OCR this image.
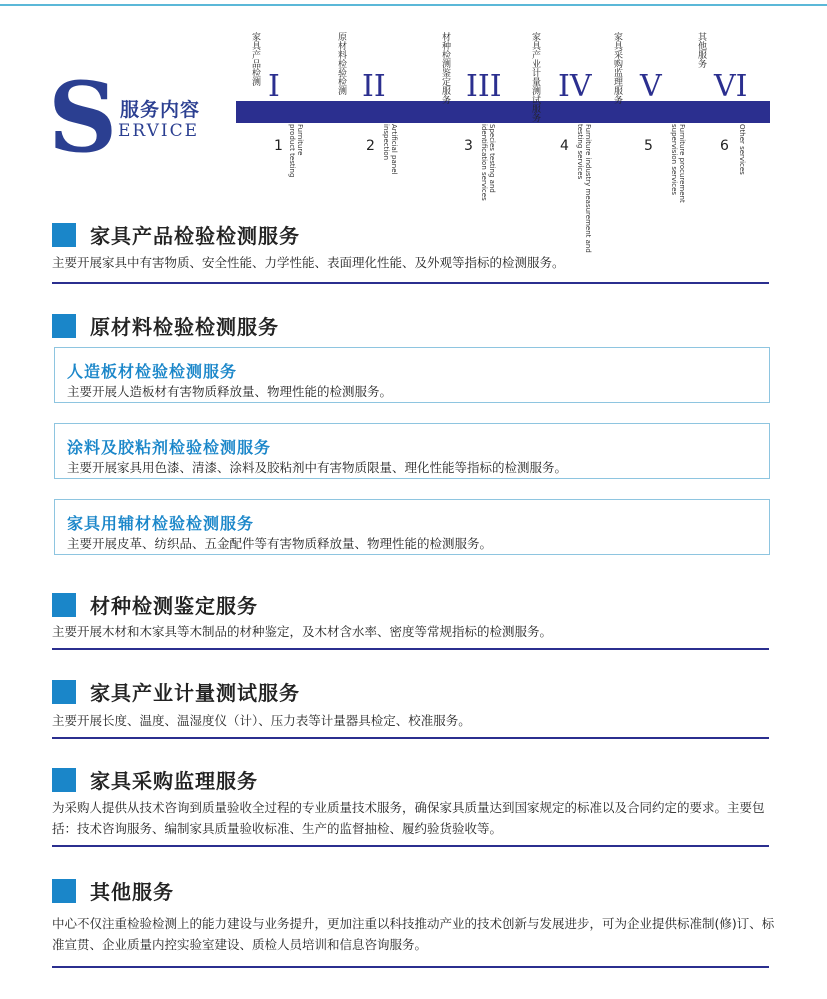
S 服务内容
ERVICE
家具产品检测
I
1	Furniture product testing
原材料检验检测 II
2	Artificial panel inspection
材种检测鉴定服务 III
3	Species testing and identification services
家具产业计量测试服务 IV
4	Furniture industry measurement and testing services
家具采购监理服务 V
5	Furniture procurement supervision services
其他服务
VI
6 Other services
家具产品检验检测服务
主要开展家具中有害物质、安全性能、力学性能、表面理化性能、及外观等指标的检测服务。
原材料检验检测服务
人造板材检验检测服务
主要开展人造板材有害物质释放量、物理性能的检测服务。
涂料及胶粘剂检验检测服务
主要开展家具用色漆、清漆、涂料及胶粘剂中有害物质限量、理化性能等指标的检测服务。
家具用辅材检验检测服务
主要开展皮革、纺织品、五金配件等有害物质释放量、物理性能的检测服务。
材种检测鉴定服务
主要开展木材和木家具等木制品的材种鉴定，及木材含水率、密度等常规指标的检测服务。
家具产业计量测试服务
主要开展长度、温度、温湿度仪（计）、压力表等计量器具检定、校准服务。
家具采购监理服务
为采购人提供从技术咨询到质量验收全过程的专业质量技术服务，确保家具质量达到国家规定的标准以及合同约定的要求。主要包括：技术咨询服务、编制家具质量验收标准、生产的监督抽检、履约验货验收等。
其他服务
中心不仅注重检验检测上的能力建设与业务提升，更加注重以科技推动产业的技术创新与发展进步，可为企业提供标准制(修)订、标准宣贯、企业质量内控实验室建设、质检人员培训和信息咨询服务。
